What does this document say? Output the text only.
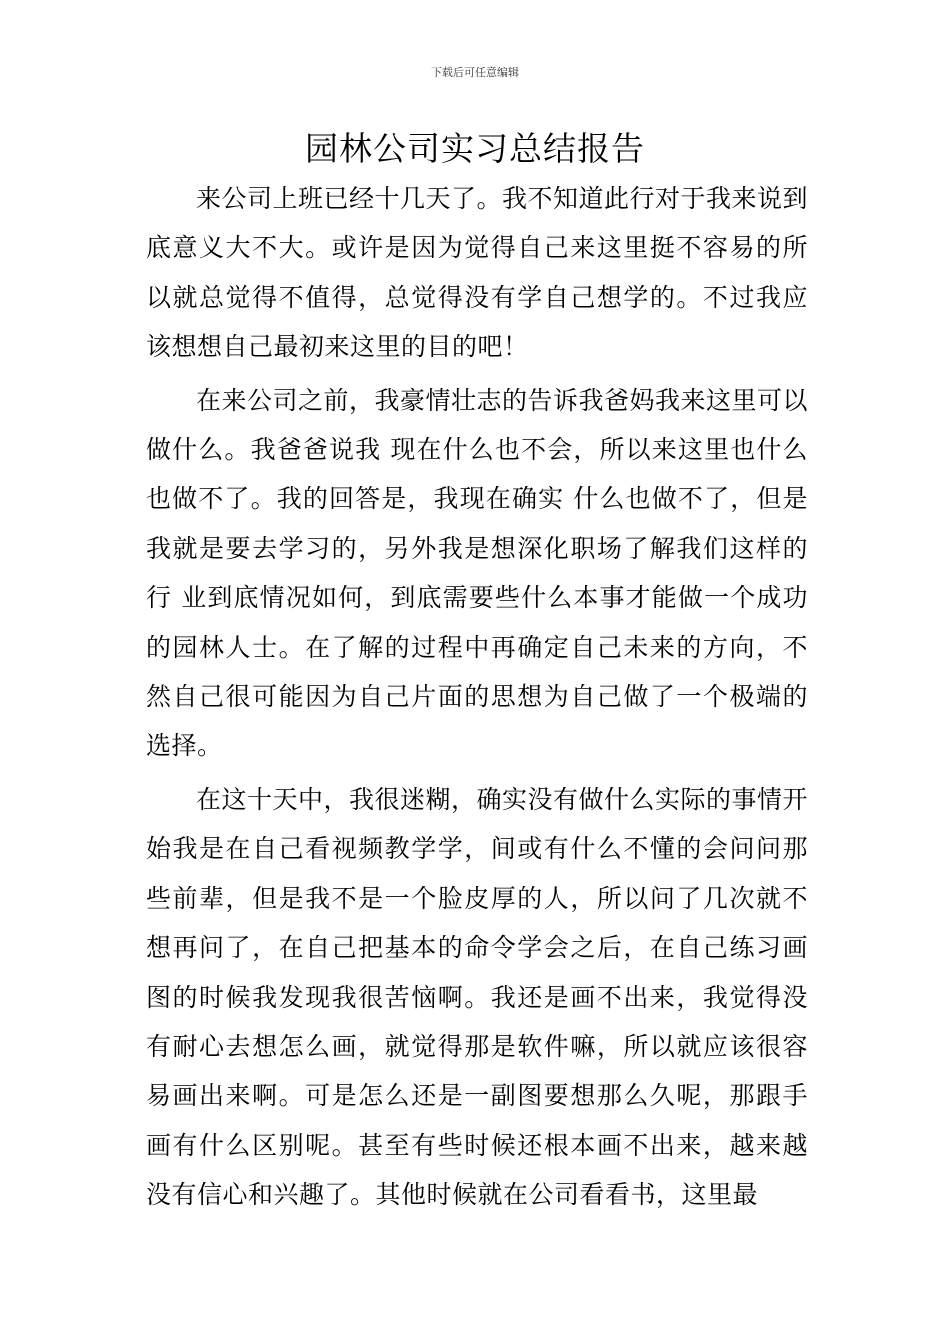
下载后可任意编辑
园林公司实习总结报告

来公司上班已经十几天了。我不知道此行对于我来说到底意义大不大。或许是因为觉得自己来这里挺不容易的所以就总觉得不值得，总觉得没有学自己想学的。不过我应该想想自己最初来这里的目的吧！

在来公司之前，我豪情壮志的告诉我爸妈我来这里可以做什么。我爸爸说我 现在什么也不会，所以来这里也什么也做不了。我的回答是，我现在确实 什么也做不了，但是我就是要去学习的，另外我是想深化职场了解我们这样的行 业到底情况如何，到底需要些什么本事才能做一个成功的园林人士。在了解的过程中再确定自己未来的方向，不然自己很可能因为自己片面的思想为自己做了一个极端的选择。

在这十天中，我很迷糊，确实没有做什么实际的事情开始我是在自己看视频教学学，间或有什么不懂的会问问那些前辈，但是我不是一个脸皮厚的人，所以问了几次就不想再问了，在自己把基本的命令学会之后，在自己练习画图的时候我发现我很苦恼啊。我还是画不出来，我觉得没有耐心去想怎么画，就觉得那是软件嘛，所以就应该很容易画出来啊。可是怎么还是一副图要想那么久呢，那跟手画有什么区别呢。甚至有些时候还根本画不出来，越来越没有信心和兴趣了。其他时候就在公司看看书，这里最
